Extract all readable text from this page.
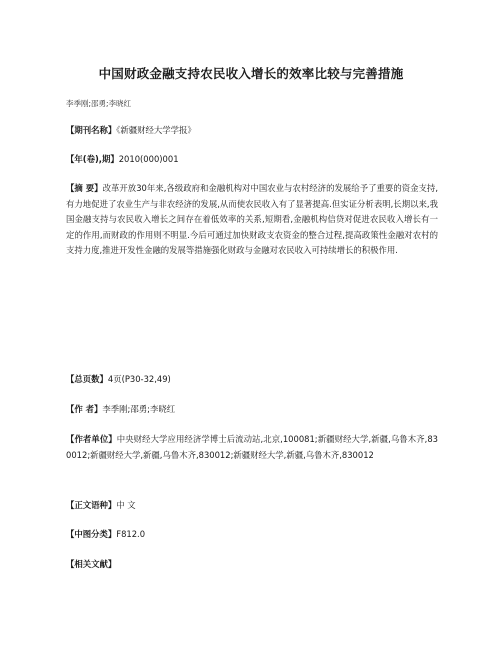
中国财政金融支持农民收入增长的效率比较与完善措施
李季刚;邵勇;李晓红
【期刊名称】《新疆财经大学学报》
【年(卷),期】2010(000)001
【摘 要】改革开放30年来,各级政府和金融机构对中国农业与农村经济的发展给予了重要的资金支持,有力地促进了农业生产与非农经济的发展,从而使农民收入有了显著提高.但实证分析表明,长期以来,我国金融支持与农民收入增长之间存在着低效率的关系,短期看,金融机构信贷对促进农民收入增长有一定的作用,而财政的作用则不明显.今后可通过加快财政支农资金的整合过程,提高政策性金融对农村的支持力度,推进开发性金融的发展等措施强化财政与金融对农民收入可持续增长的积极作用.
【总页数】4页(P30-32,49)
【作 者】李季刚;邵勇;李晓红
【作者单位】中央财经大学应用经济学博士后流动站,北京,100081;新疆财经大学,新疆,乌鲁木齐,830012;新疆财经大学,新疆,乌鲁木齐,830012;新疆财经大学,新疆,乌鲁木齐,830012
【正文语种】中 文
【中图分类】F812.0
【相关文献】
